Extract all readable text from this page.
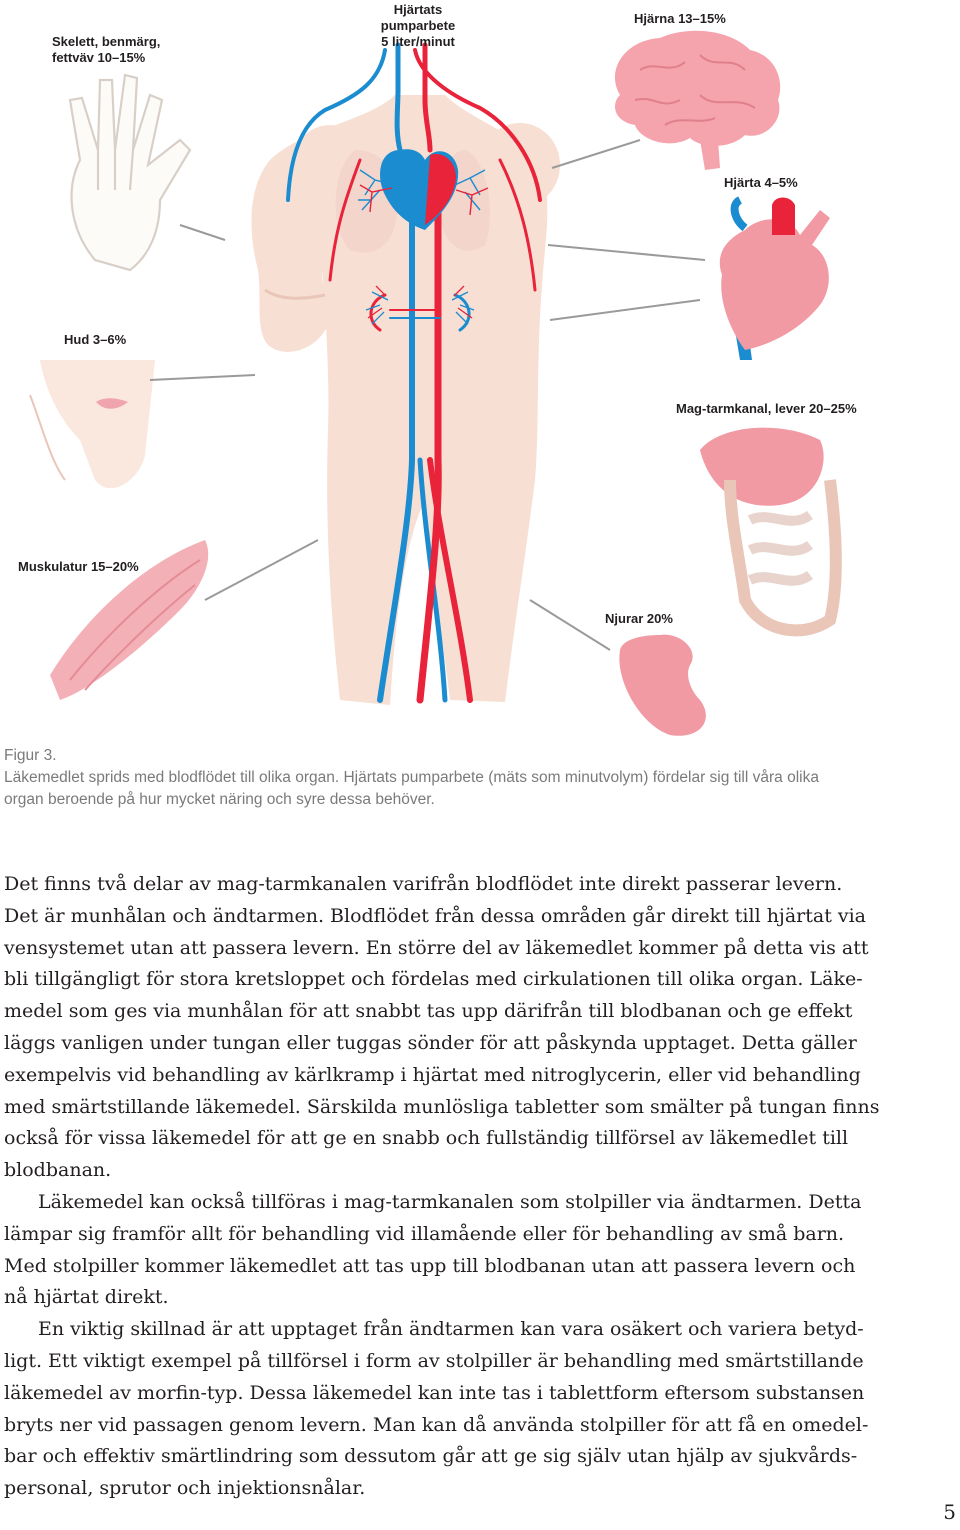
Hjärtats pumparbete
5 liter/minut
Skelett, benmärg,
fettväv 10–15%
Hjärna 13–15%
Hjärta 4–5%
Hud 3–6%
Mag-tarmkanal, lever 20–25%
Muskulatur 15–20%
Njurar 20%
Figur 3.
Läkemedlet sprids med blodflödet till olika organ. Hjärtats pumparbete (mäts som minutvolym) fördelar sig till våra olika
organ beroende på hur mycket näring och syre dessa behöver.
Det finns två delar av mag-tarmkanalen varifrån blodflödet inte direkt passerar levern.
Det är munhålan och ändtarmen. Blodflödet från dessa områden går direkt till hjärtat via
vensystemet utan att passera levern. En större del av läkemedlet kommer på detta vis att
bli tillgängligt för stora kretsloppet och fördelas med cirkulationen till olika organ. Läke-
medel som ges via munhålan för att snabbt tas upp därifrån till blodbanan och ge effekt
läggs vanligen under tungan eller tuggas sönder för att påskynda upptaget. Detta gäller
exempelvis vid behandling av kärlkramp i hjärtat med nitroglycerin, eller vid behandling
med smärtstillande läkemedel. Särskilda munlösliga tabletter som smälter på tungan finns
också för vissa läkemedel för att ge en snabb och fullständig tillförsel av läkemedlet till
blodbanan.
Läkemedel kan också tillföras i mag-tarmkanalen som stolpiller via ändtarmen. Detta
lämpar sig framför allt för behandling vid illamående eller för behandling av små barn.
Med stolpiller kommer läkemedlet att tas upp till blodbanan utan att passera levern och
nå hjärtat direkt.
En viktig skillnad är att upptaget från ändtarmen kan vara osäkert och variera betyd-
ligt. Ett viktigt exempel på tillförsel i form av stolpiller är behandling med smärtstillande
läkemedel av morfin-typ. Dessa läkemedel kan inte tas i tablettform eftersom substansen
bryts ner vid passagen genom levern. Man kan då använda stolpiller för att få en omedel-
bar och effektiv smärtlindring som dessutom går att ge sig själv utan hjälp av sjukvårds-
personal, sprutor och injektionsnålar.
5
